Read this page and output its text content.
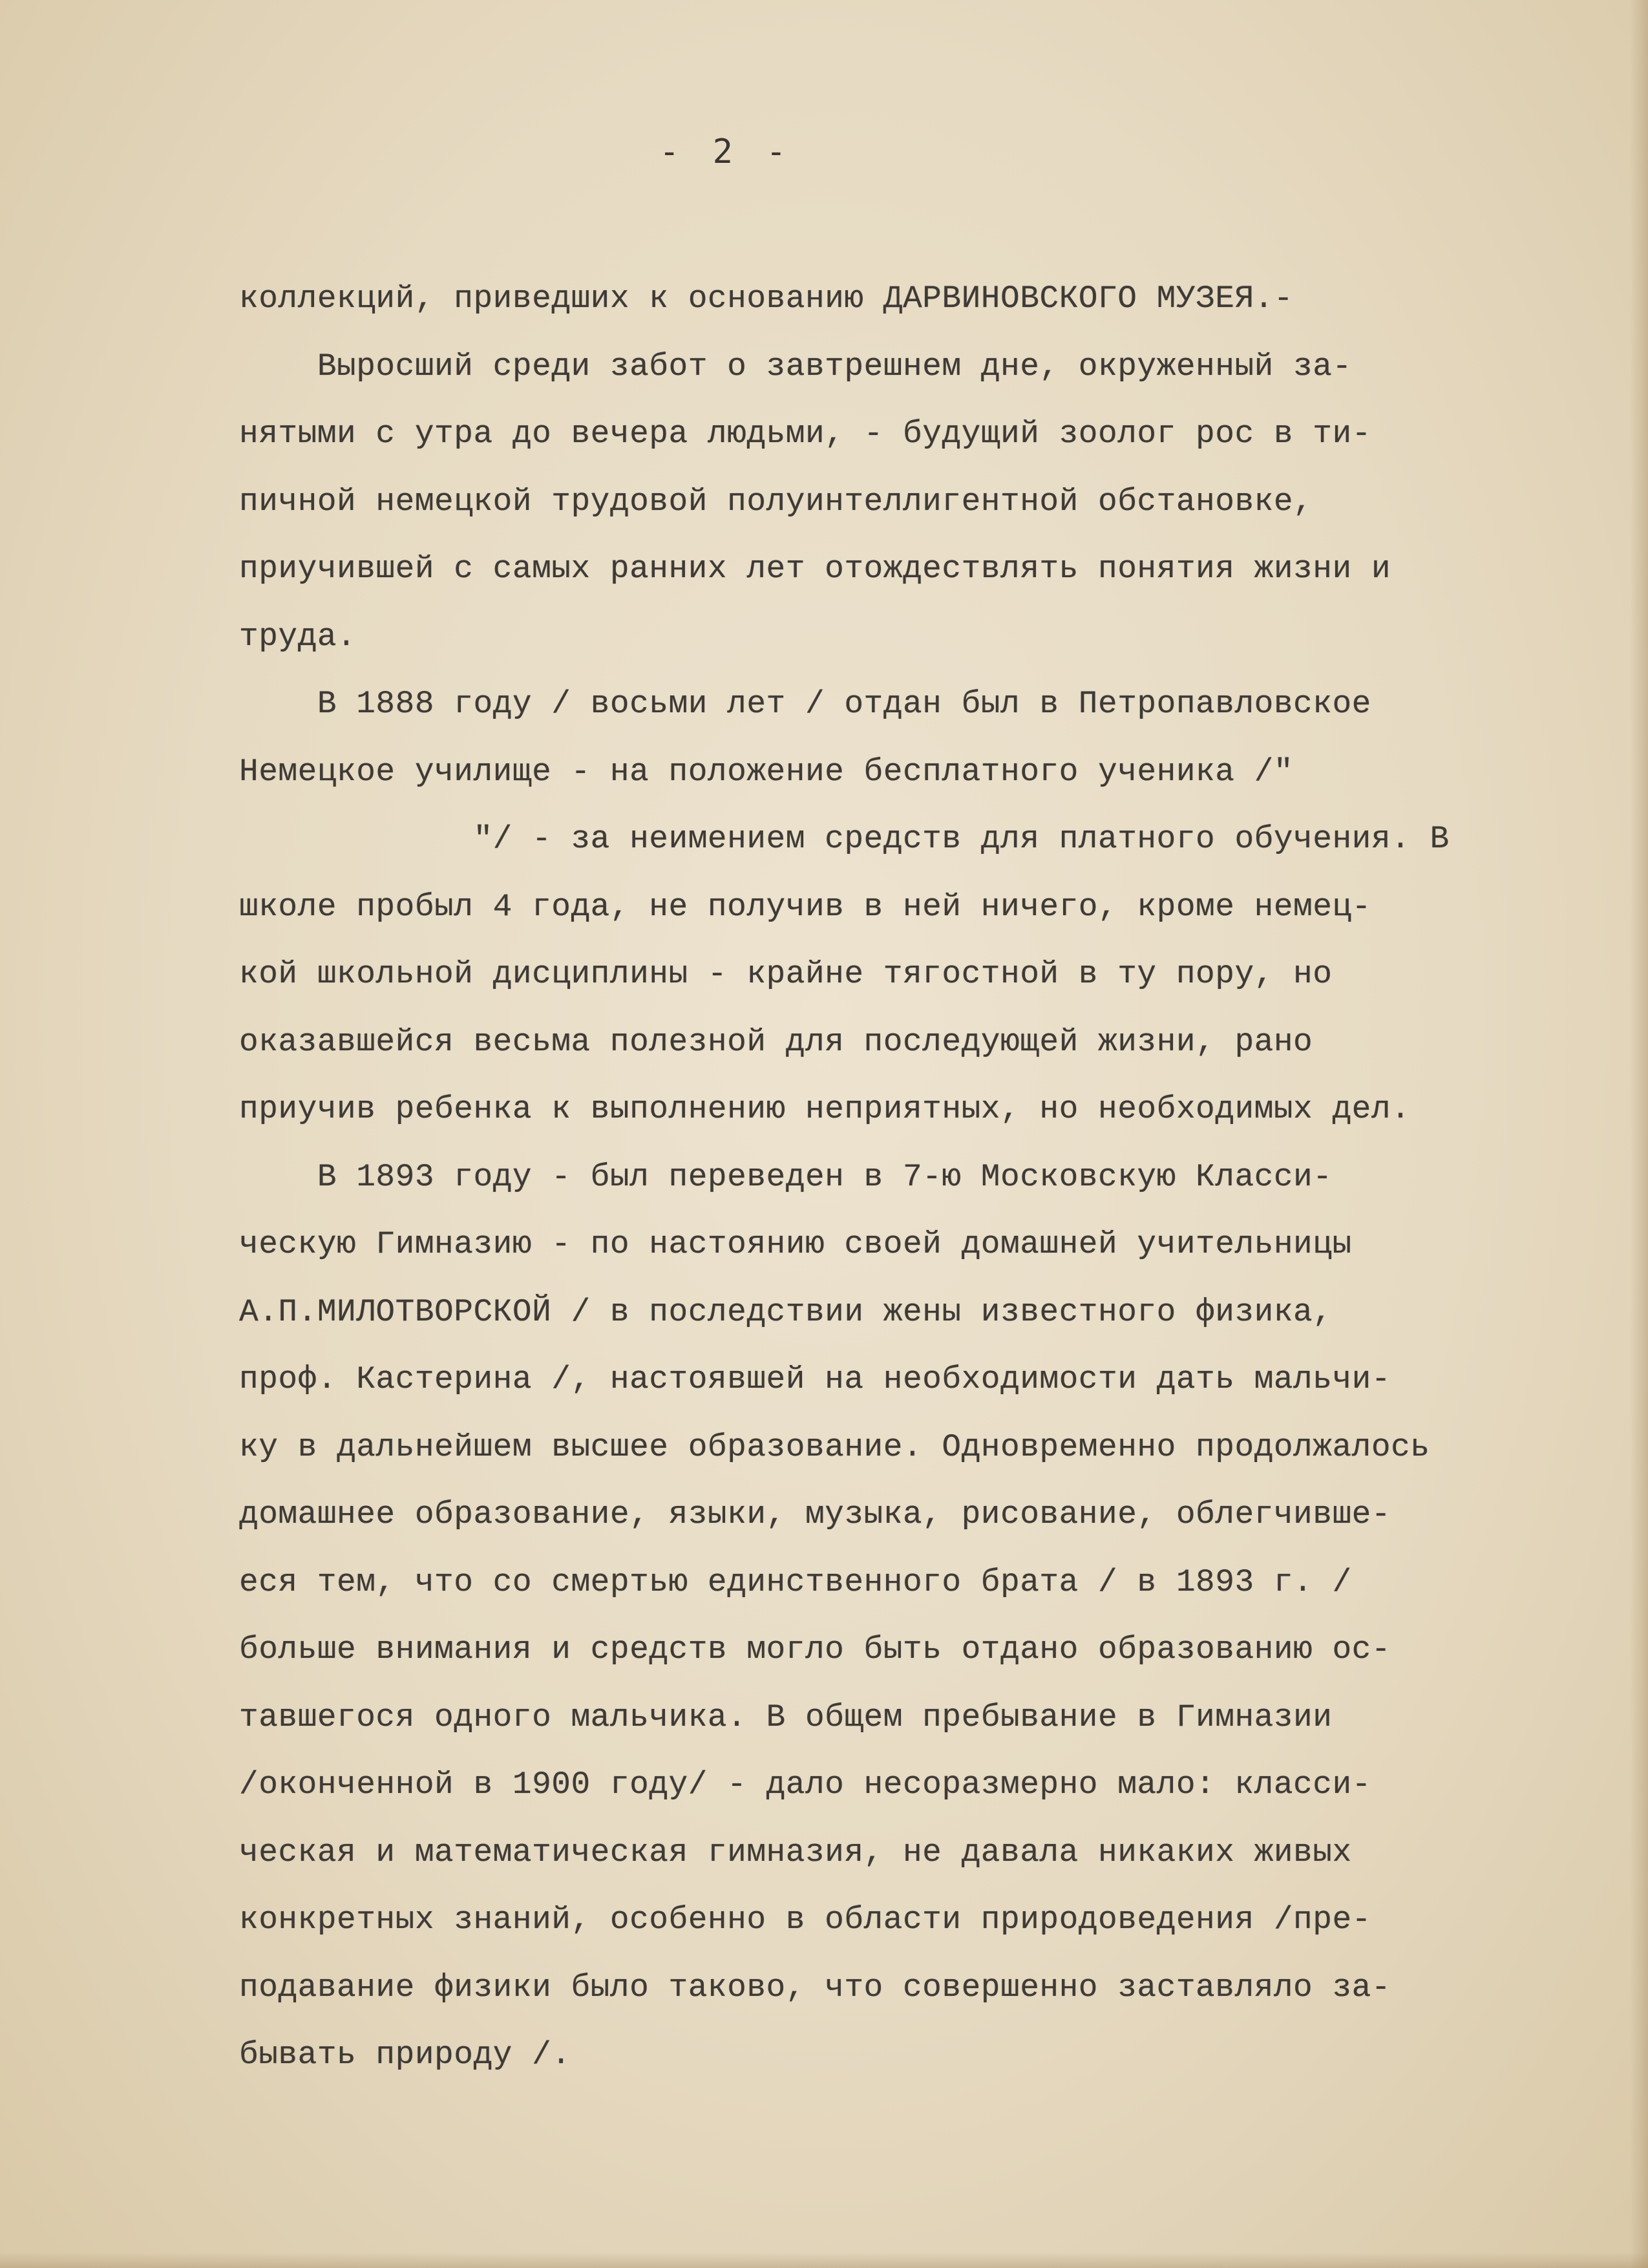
- 2 -
коллекций, приведших к основанию ДАРВИНОВСКОГО МУЗЕЯ.-
Выросший среди забот о завтрешнем дне, окруженный за-
нятыми с утра до вечера людьми, - будущий зоолог рос в ти-
пичной немецкой трудовой полуинтеллигентной обстановке,
приучившей с самых ранних лет отождествлять понятия жизни и
труда.
В 1888 году / восьми лет / отдан был в Петропавловское
Немецкое училище - на положение бесплатного ученика /"
"/ - за неимением средств для платного обучения. В
школе пробыл 4 года, не получив в ней ничего, кроме немец-
кой школьной дисциплины - крайне тягостной в ту пору, но
оказавшейся весьма полезной для последующей жизни, рано
приучив ребенка к выполнению неприятных, но необходимых дел.
В 1893 году - был переведен в 7-ю Московскую Класси-
ческую Гимназию - по настоянию своей домашней учительницы
А.П.МИЛОТВОРСКОЙ / в последствии жены известного физика,
проф. Кастерина /, настоявшей на необходимости дать мальчи-
ку в дальнейшем высшее образование. Одновременно продолжалось
домашнее образование, языки, музыка, рисование, облегчивше-
еся тем, что со смертью единственного брата / в 1893 г. /
больше внимания и средств могло быть отдано образованию ос-
тавшегося одного мальчика. В общем пребывание в Гимназии
/оконченной в 1900 году/ - дало несоразмерно мало: класси-
ческая и математическая гимназия, не давала никаких живых
конкретных знаний, особенно в области природоведения /пре-
подавание физики было таково, что совершенно заставляло за-
бывать природу /.
